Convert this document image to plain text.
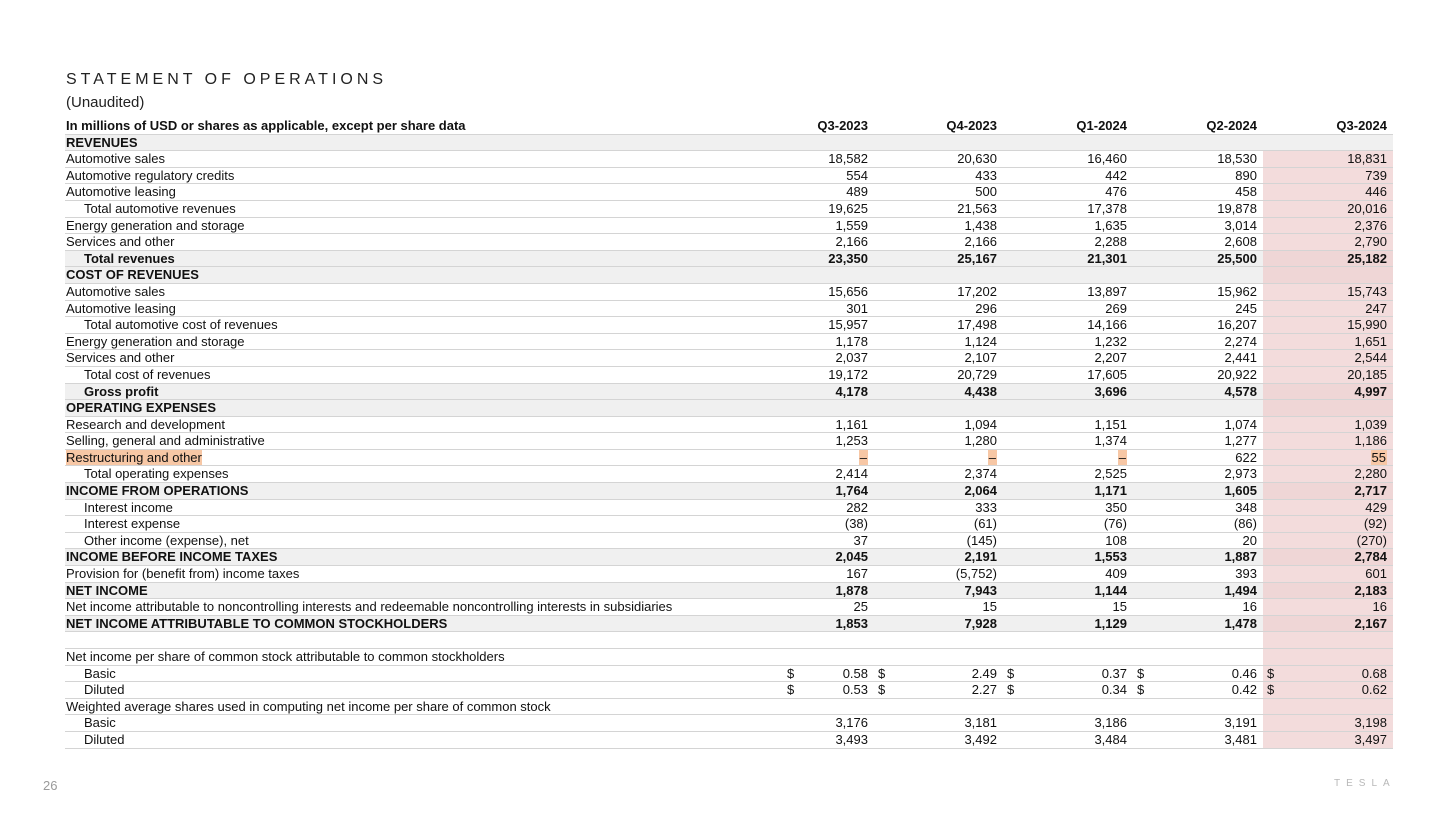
STATEMENT OF OPERATIONS
(Unaudited)
In millions of USD or shares as applicable, except per share data	Q3-2023	Q4-2023	Q1-2024	Q2-2024	Q3-2024
REVENUES					
Automotive sales	18,582	20,630	16,460	18,530	18,831
Automotive regulatory credits	554	433	442	890	739
Automotive leasing	489	500	476	458	446
Total automotive revenues	19,625	21,563	17,378	19,878	20,016
Energy generation and storage	1,559	1,438	1,635	3,014	2,376
Services and other	2,166	2,166	2,288	2,608	2,790
Total revenues	23,350	25,167	21,301	25,500	25,182
COST OF REVENUES					
Automotive sales	15,656	17,202	13,897	15,962	15,743
Automotive leasing	301	296	269	245	247
Total automotive cost of revenues	15,957	17,498	14,166	16,207	15,990
Energy generation and storage	1,178	1,124	1,232	2,274	1,651
Services and other	2,037	2,107	2,207	2,441	2,544
Total cost of revenues	19,172	20,729	17,605	20,922	20,185
Gross profit	4,178	4,438	3,696	4,578	4,997
OPERATING EXPENSES					
Research and development	1,161	1,094	1,151	1,074	1,039
Selling, general and administrative	1,253	1,280	1,374	1,277	1,186
Restructuring and other	–	–	–	622	55
Total operating expenses	2,414	2,374	2,525	2,973	2,280
INCOME FROM OPERATIONS	1,764	2,064	1,171	1,605	2,717
Interest income	282	333	350	348	429
Interest expense	(38)	(61)	(76)	(86)	(92)
Other income (expense), net	37	(145)	108	20	(270)
INCOME BEFORE INCOME TAXES	2,045	2,191	1,553	1,887	2,784
Provision for (benefit from) income taxes	167	(5,752)	409	393	601
NET INCOME	1,878	7,943	1,144	1,494	2,183
Net income attributable to noncontrolling interests and redeemable noncontrolling interests in subsidiaries	25	15	15	16	16
NET INCOME ATTRIBUTABLE TO COMMON STOCKHOLDERS	1,853	7,928	1,129	1,478	2,167

Net income per share of common stock attributable to common stockholders					
Basic	$ 0.58	$ 2.49	$ 0.37	$ 0.46	$ 0.68

Diluted	$ 0.53	$ 2.27	$ 0.34	$ 0.42	$ 0.62

Weighted average shares used in computing net income per share of common stock					
Basic	3,176	3,181	3,186	3,191	3,198
Diluted	3,493	3,492	3,484	3,481	3,497
26	TESLA
